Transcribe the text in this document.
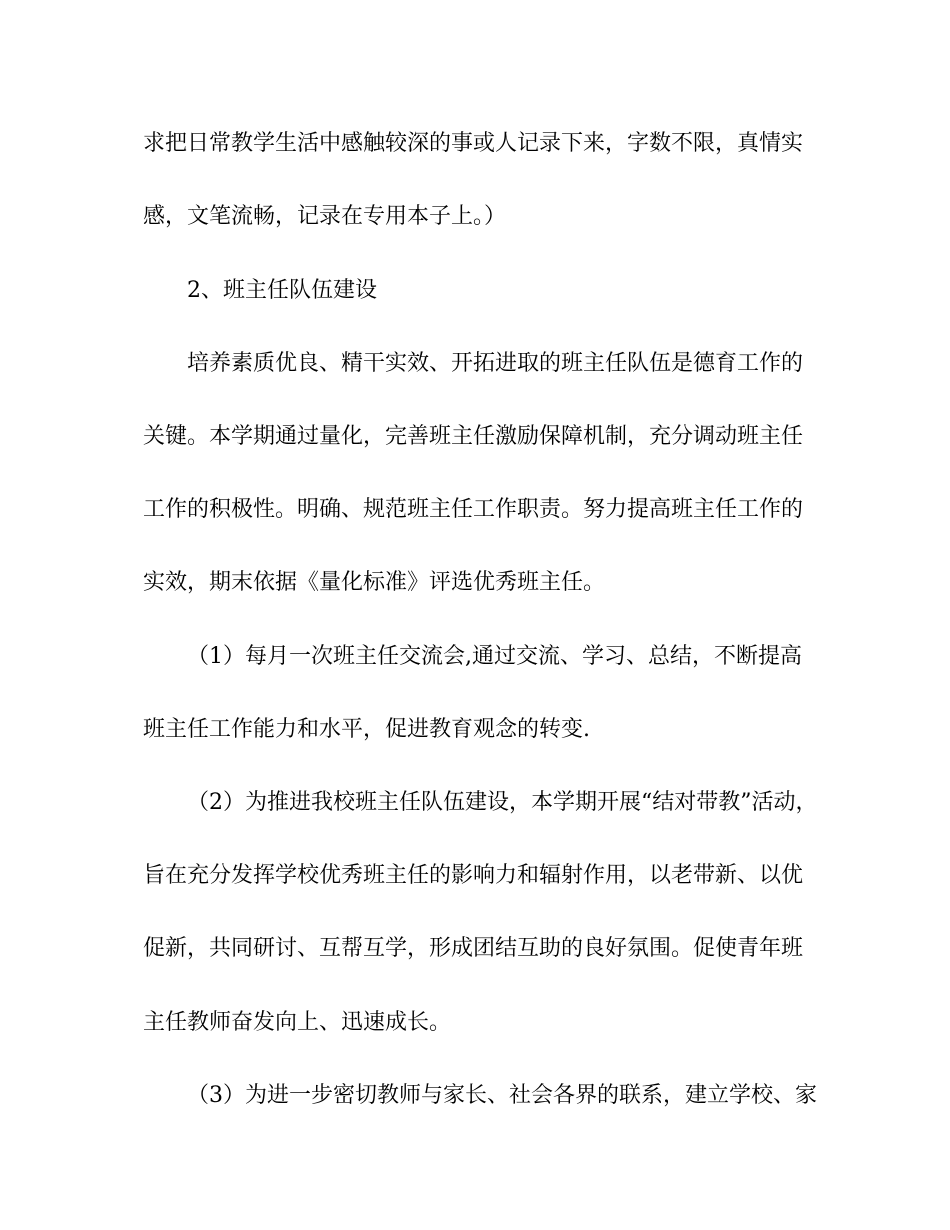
求把日常教学生活中感触较深的事或人记录下来，字数不限，真情实
感，文笔流畅，记录在专用本子上。）
2、班主任队伍建设
培养素质优良、精干实效、开拓进取的班主任队伍是德育工作的
关键。本学期通过量化，完善班主任激励保障机制，充分调动班主任
工作的积极性。明确、规范班主任工作职责。努力提高班主任工作的
实效，期末依据《量化标准》评选优秀班主任。
（1）每月一次班主任交流会,通过交流、学习、总结，不断提高
班主任工作能力和水平，促进教育观念的转变.
（2）为推进我校班主任队伍建设，本学期开展“结对带教”活动，
旨在充分发挥学校优秀班主任的影响力和辐射作用，以老带新、以优
促新，共同研讨、互帮互学，形成团结互助的良好氛围。促使青年班
主任教师奋发向上、迅速成长。
（3）为进一步密切教师与家长、社会各界的联系，建立学校、家
